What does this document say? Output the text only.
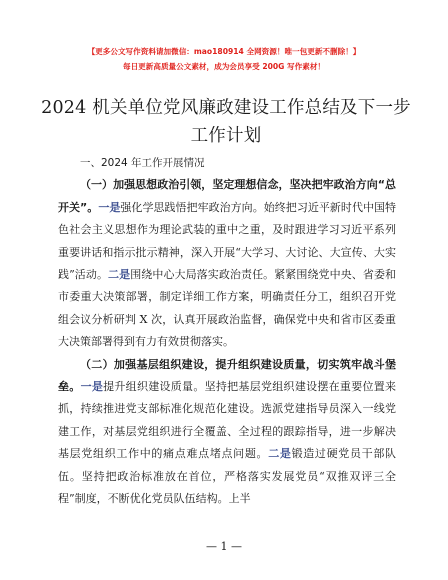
【更多公文写作资料请加微信：mao180914 全网资源！唯一包更新不删除！】
每日更新高质量公文素材，成为会员享受 200G 写作素材！
2024 机关单位党风廉政建设工作总结及下一步工作计划

一、2024 年工作开展情况

（一）加强思想政治引领，坚定理想信念，坚决把牢政治方向“总开关”。一是强化学思践悟把牢政治方向。始终把习近平新时代中国特色社会主义思想作为理论武装的重中之重，及时跟进学习习近平系列重要讲话和指示批示精神，深入开展“大学习、大讨论、大宣传、大实践”活动。二是围绕中心大局落实政治责任。紧紧围绕党中央、省委和市委重大决策部署，制定详细工作方案，明确责任分工，组织召开党组会议分析研判 X 次，认真开展政治监督，确保党中央和省市区委重大决策部署得到有力有效贯彻落实。

（二）加强基层组织建设，提升组织建设质量，切实筑牢战斗堡垒。一是提升组织建设质量。坚持把基层党组织建设摆在重要位置来抓，持续推进党支部标准化规范化建设。选派党建指导员深入一线党建工作，对基层党组织进行全覆盖、全过程的跟踪指导，进一步解决基层党组织工作中的痛点难点堵点问题。二是锻造过硬党员干部队伍。坚持把政治标准放在首位，严格落实发展党员“双推双评三全程”制度，不断优化党员队伍结构。上半

— 1 —
